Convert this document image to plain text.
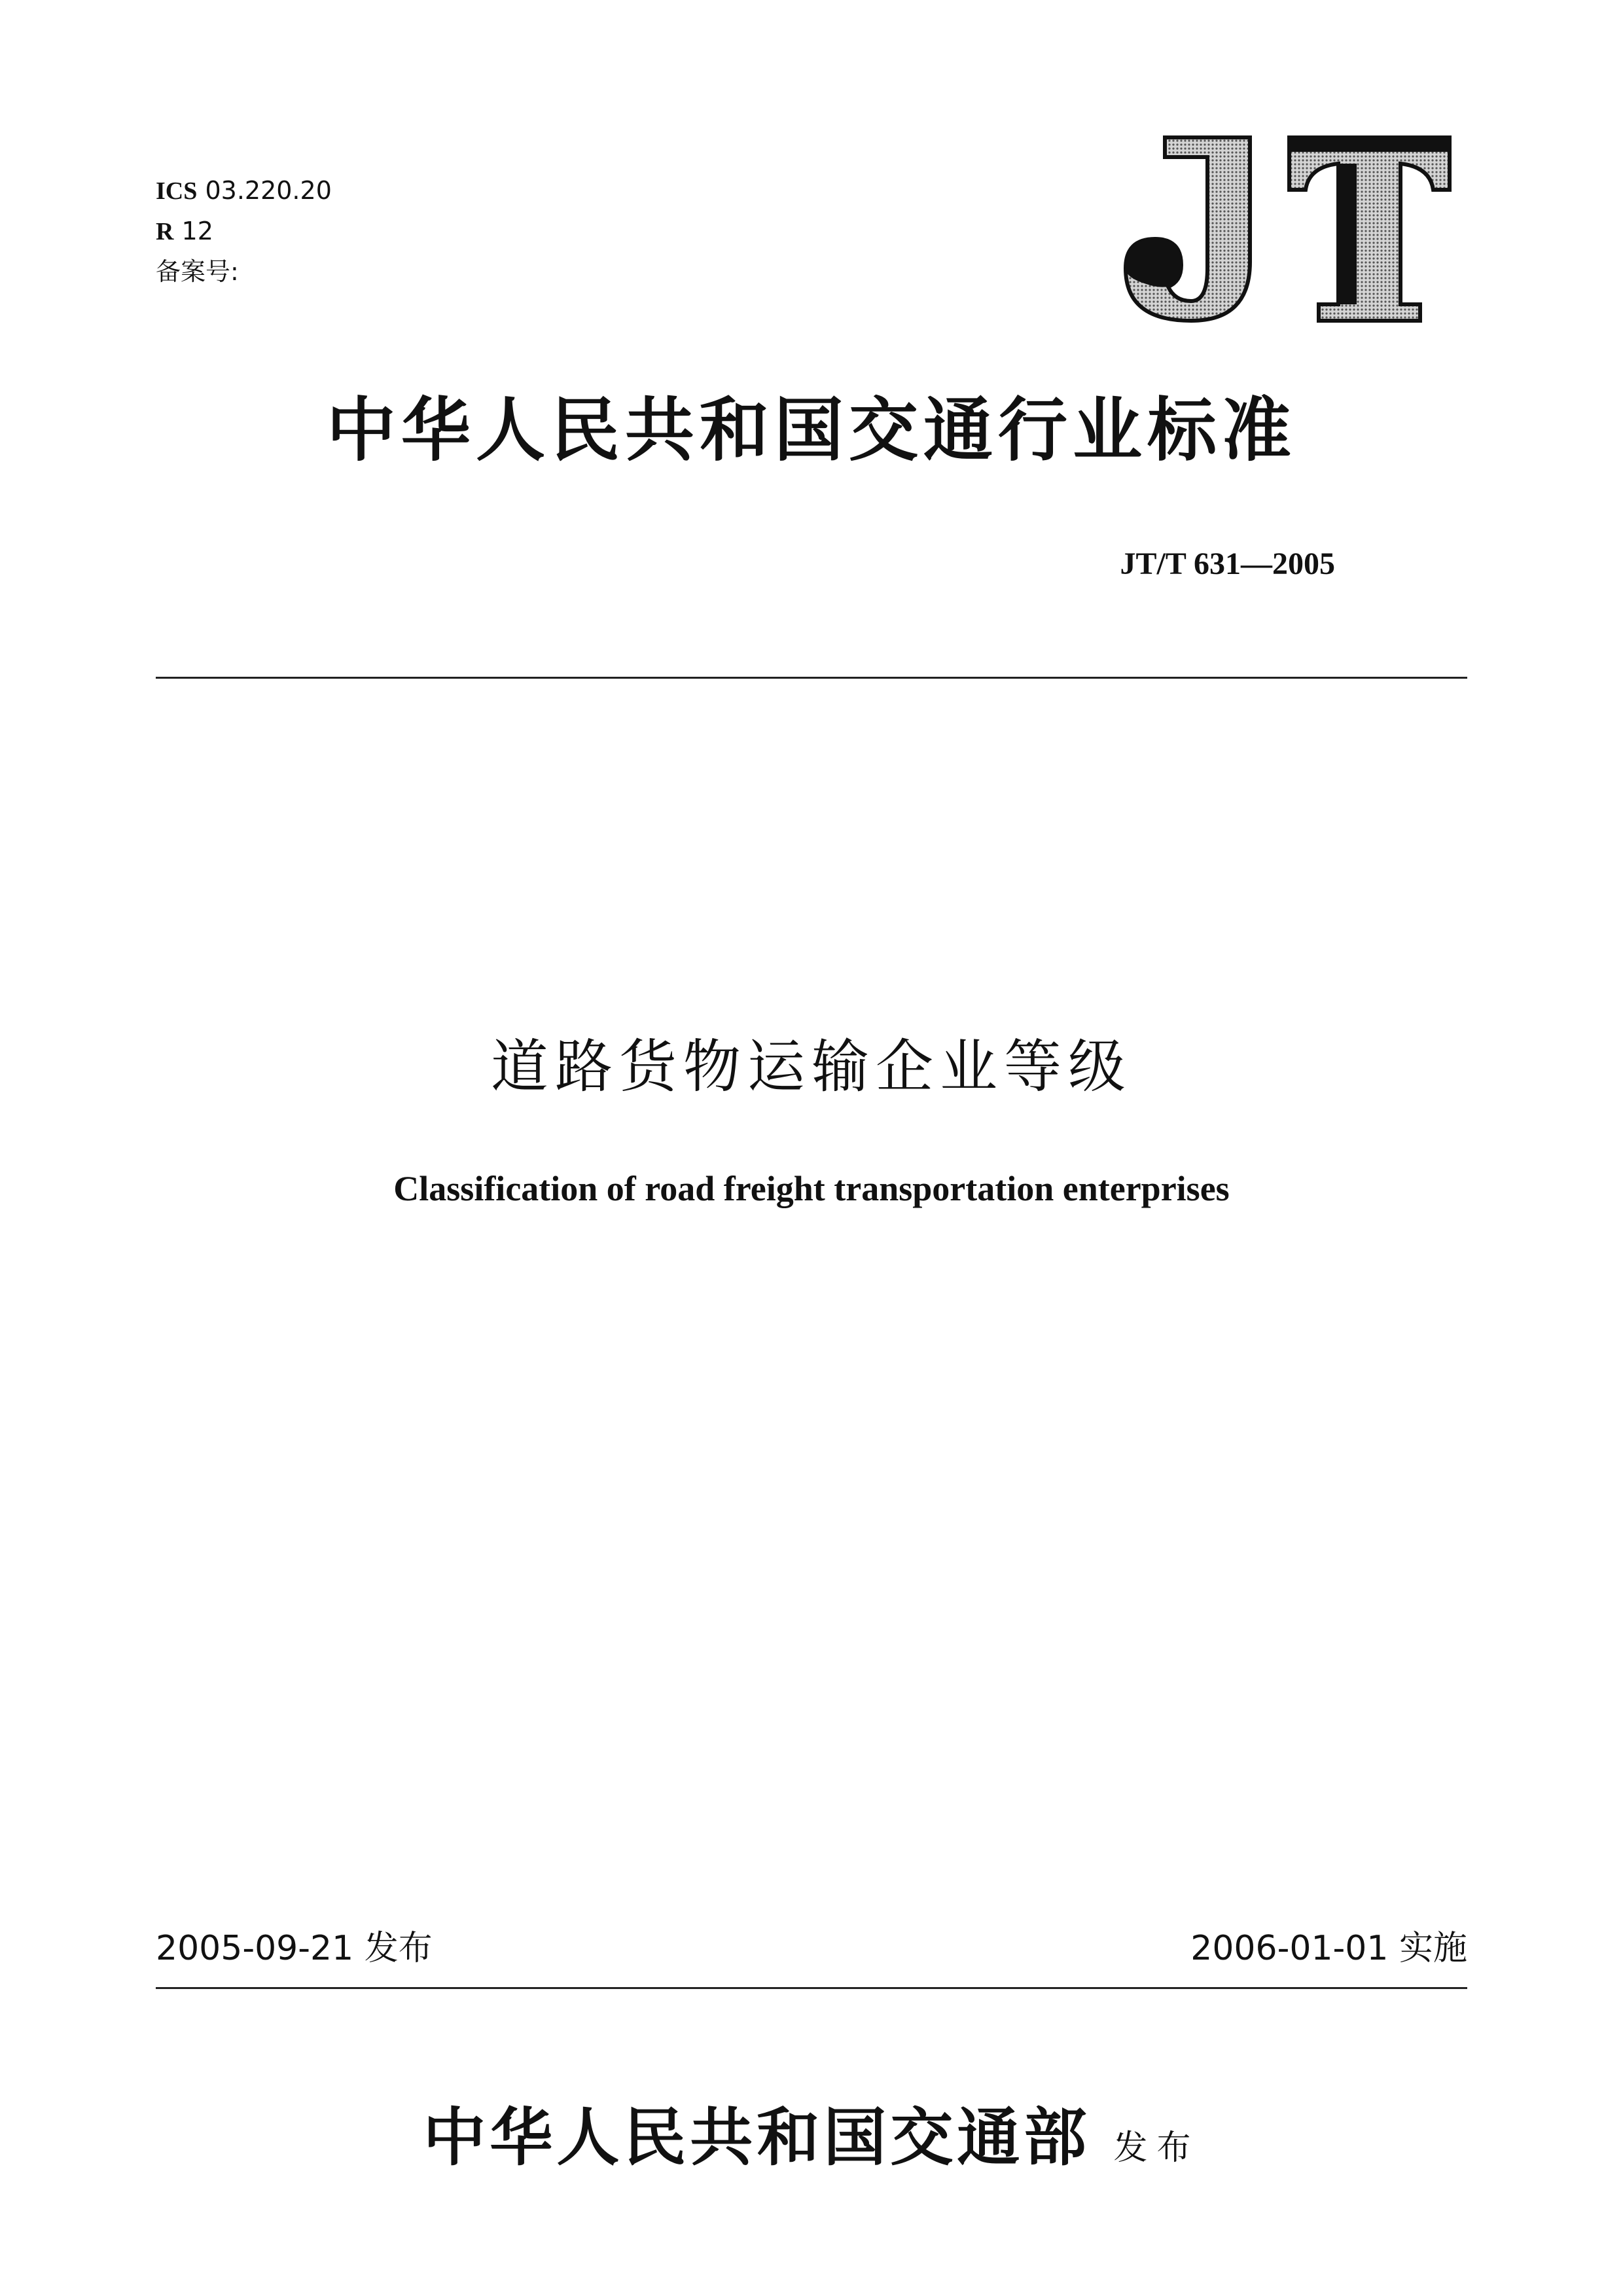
ICS 03.220.20
R 12
备案号:
中华人民共和国交通行业标准
JT/T 631—2005
道路货物运输企业等级
Classification of road freight transportation enterprises
2005-09-21 发布	2006-01-01 实施
中华人民共和国交通部 发布
